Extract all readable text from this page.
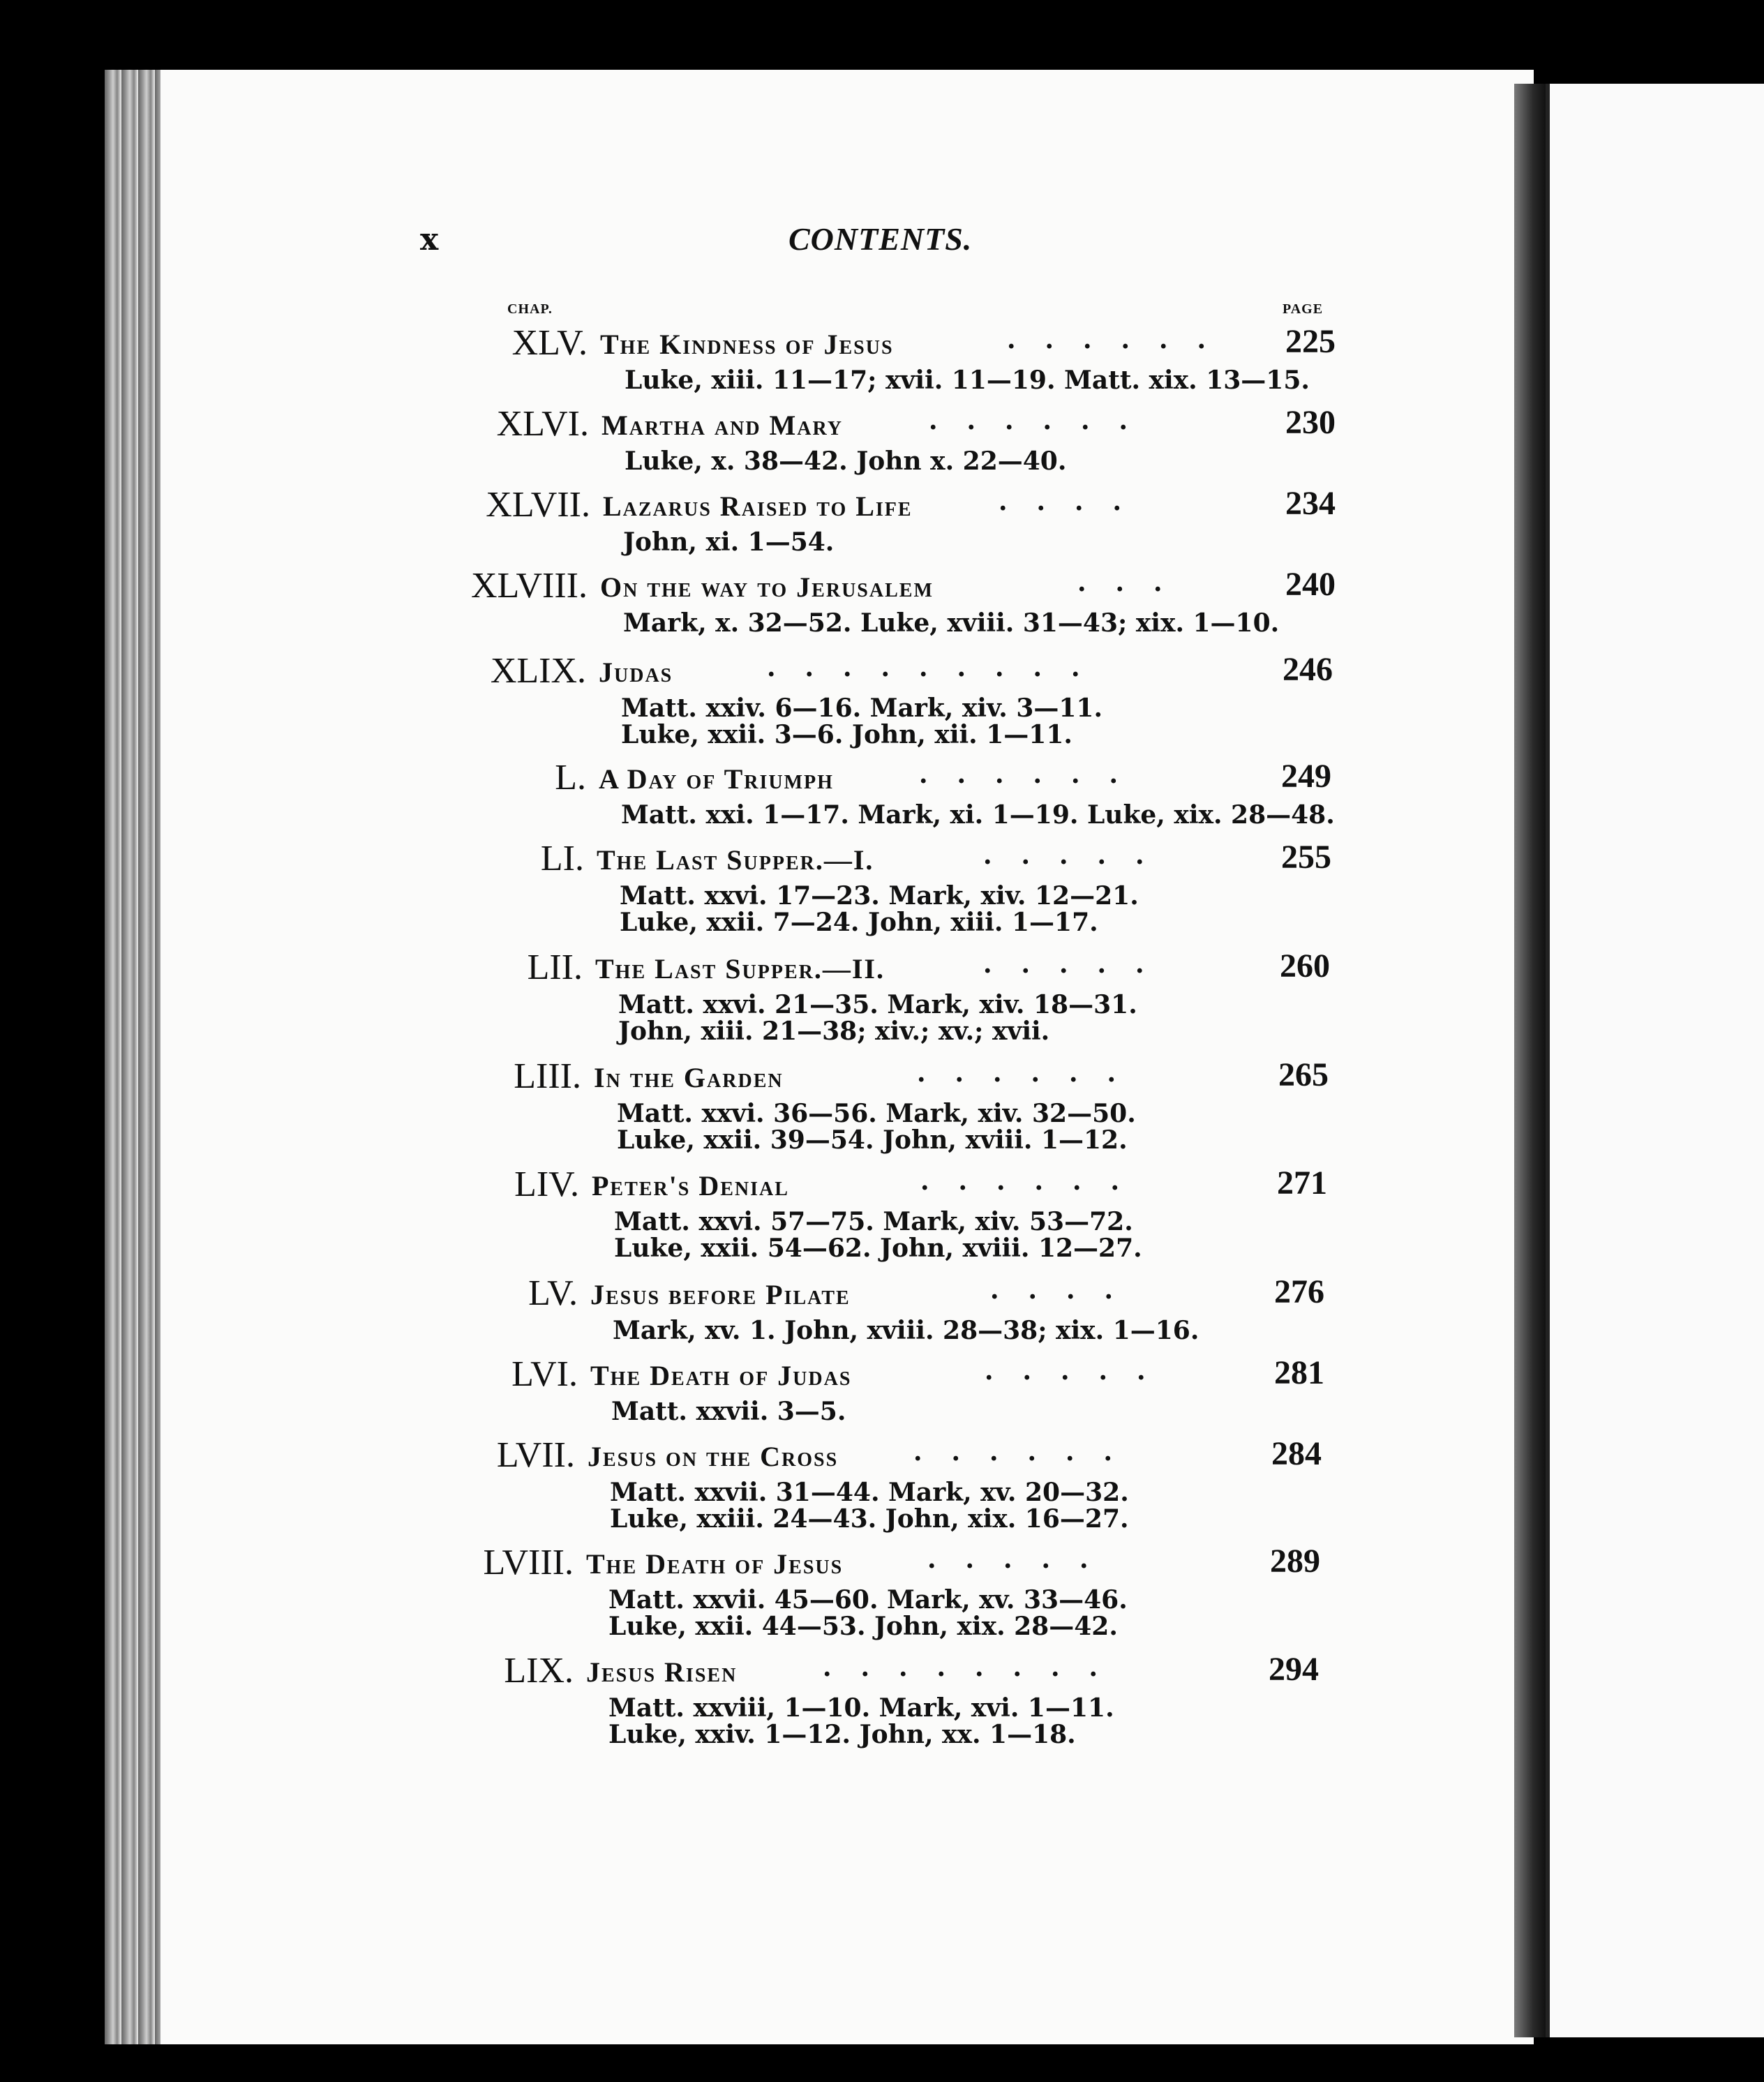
x	CONTENTS.
CHAP.	PAGE
XLV. The Kindness of Jesus	...... 225
Luke, xiii. 11—17; xvii. 11—19. Matt. xix. 13—15.
XLVI. Martha and Mary	......	230
Luke, x. 38—42. John x. 22—40.
XLVII. Lazarus Raised to Life	....	234
John, xi. 1—54.
XLVIII. On the way to Jerusalem	...	240
Mark, x. 32—52. Luke, xviii. 31—43; xix. 1—10.
XLIX. Judas	.........	246
Matt. xxiv. 6—16. Mark, xiv. 3—11.
Luke, xxii. 3—6. John, xii. 1—11.
L. A Day of Triumph	......	249
Matt. xxi. 1—17. Mark, xi. 1—19. Luke, xix. 28—48.
LI. The Last Supper.—I.	.....	255
Matt. xxvi. 17—23. Mark, xiv. 12—21.
Luke, xxii. 7—24. John, xiii. 1—17.
LII. The Last Supper.—II.	.....	260
Matt. xxvi. 21—35. Mark, xiv. 18—31.
John, xiii. 21—38; xiv.; xv.; xvii.
LIII. In the Garden	......	265
Matt. xxvi. 36—56. Mark, xiv. 32—50.
Luke, xxii. 39—54. John, xviii. 1—12.
LIV. Peter's Denial	......	271
Matt. xxvi. 57—75. Mark, xiv. 53—72.
Luke, xxii. 54—62. John, xviii. 12—27.
LV. Jesus before Pilate	....	276
Mark, xv. 1. John, xviii. 28—38; xix. 1—16.
LVI. The Death of Judas	.....	281
Matt. xxvii. 3—5.
LVII. Jesus on the Cross	......	284
Matt. xxvii. 31—44. Mark, xv. 20—32.
Luke, xxiii. 24—43. John, xix. 16—27.
LVIII. The Death of Jesus	.....	289
Matt. xxvii. 45—60. Mark, xv. 33—46.
Luke, xxii. 44—53. John, xix. 28—42.
LIX. Jesus Risen	........	294
Matt. xxviii, 1—10. Mark, xvi. 1—11.
Luke, xxiv. 1—12. John, xx. 1—18.
